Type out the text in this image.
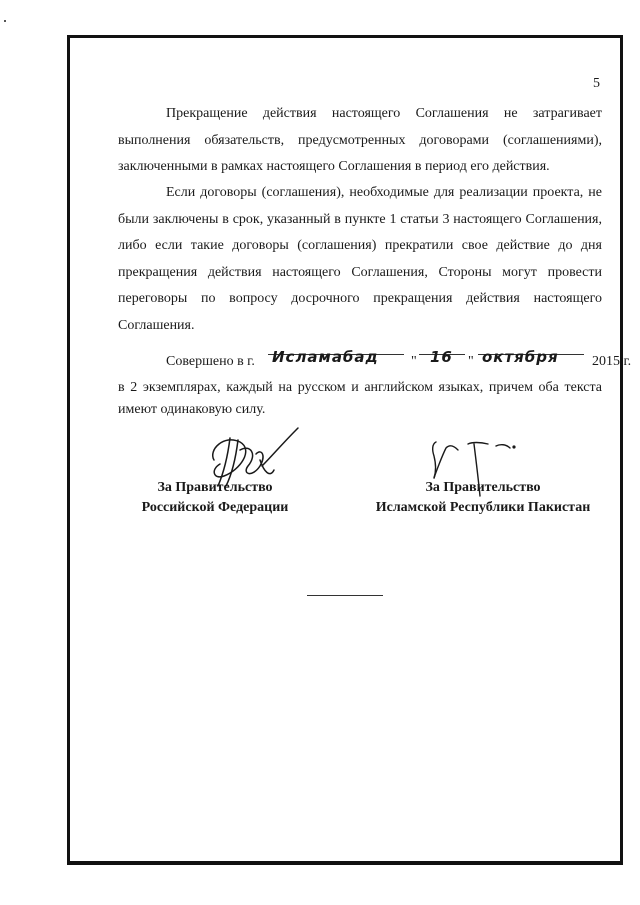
5

Прекращение действия настоящего Соглашения не затрагивает выполнения обязательств, предусмотренных договорами (соглашениями), заключенными в рамках настоящего Соглашения в период его действия.

Если договоры (соглашения), необходимые для реализации проекта, не были заключены в срок, указанный в пункте 1 статьи 3 настоящего Соглашения, либо если такие договоры (соглашения) прекратили свое действие до дня прекращения действия настоящего Соглашения, Стороны могут провести переговоры по вопросу досрочного прекращения действия настоящего Соглашения.

Совершено в г. Исламабад " 16 " октября 2015 г.

в 2 экземплярах, каждый на русском и английском языках, причем оба текста имеют одинаковую силу.

За Правительство
Российской Федерации
За Правительство
Исламской Республики Пакистан
